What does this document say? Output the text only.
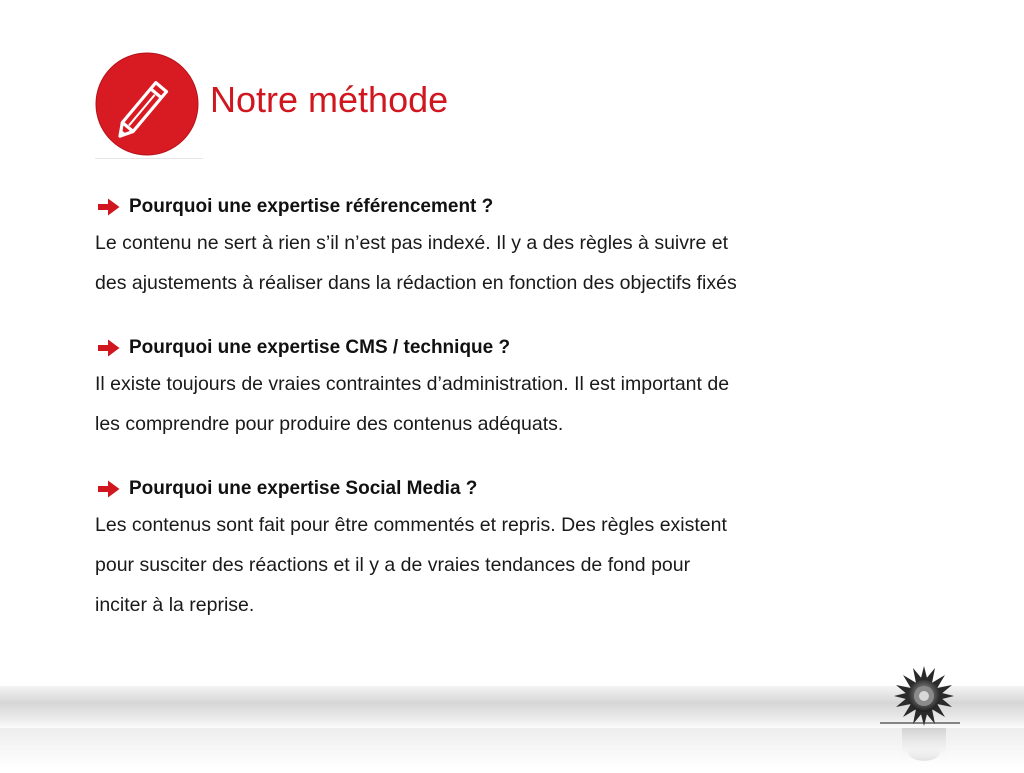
Notre méthode
Pourquoi une expertise référencement ?
Le contenu ne sert à rien s’il n’est pas indexé. Il y a des règles à suivre et
des ajustements à réaliser dans la rédaction en fonction des objectifs fixés
Pourquoi une expertise CMS / technique ?
Il existe toujours de vraies contraintes d’administration. Il est important de
les comprendre pour produire des contenus adéquats.
Pourquoi une expertise Social Media ?
Les contenus sont fait pour être commentés et repris. Des règles existent
pour susciter des réactions et il y a de vraies tendances de fond pour
inciter à la reprise.
